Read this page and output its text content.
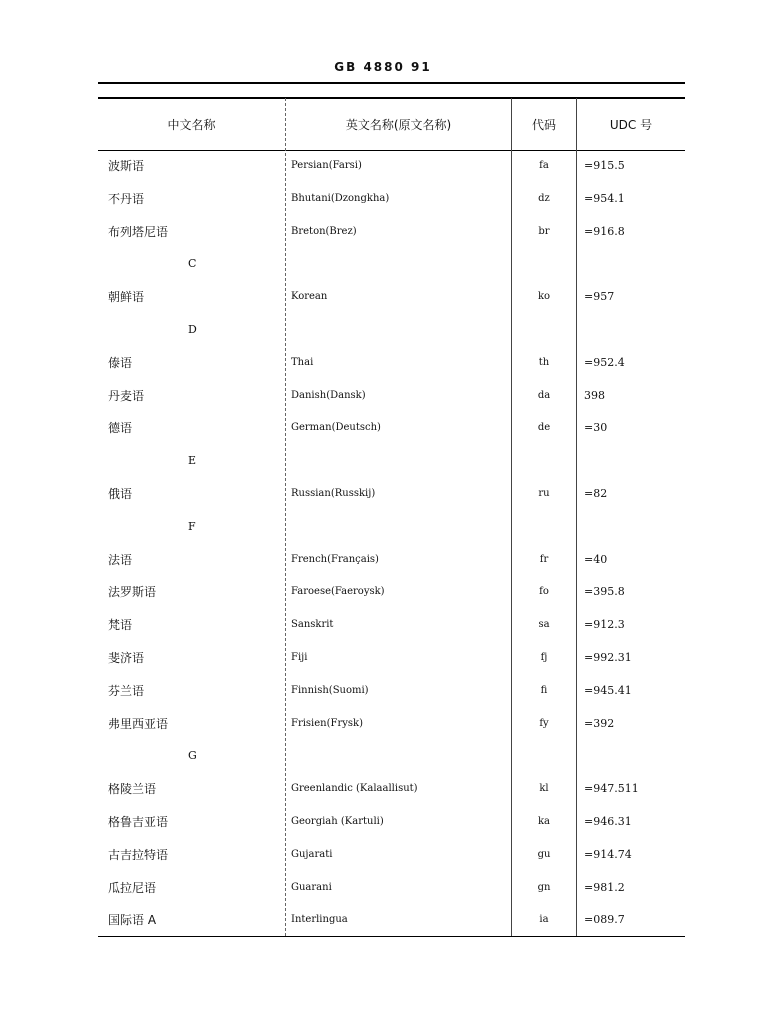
GB 4880 91
中文名称	英文名称(原文名称)	代码	UDC 号
波斯语	Persian(Farsi)	fa	=915.5
不丹语	Bhutani(Dzongkha)	dz	=954.1
布列塔尼语	Breton(Brez)	br	=916.8
C
朝鲜语	Korean	ko	=957
D
傣语	Thai	th	=952.4
丹麦语	Danish(Dansk)	da	398
德语	German(Deutsch)	de	=30
E
俄语	Russian(Russkij)	ru	=82
F
法语	French(Français)	fr	=40
法罗斯语	Faroese(Faeroysk)	fo	=395.8
梵语	Sanskrit	sa	=912.3
斐济语	Fiji	fj	=992.31
芬兰语	Finnish(Suomi)	fi	=945.41
弗里西亚语	Frisien(Frysk)	fy	=392
G
格陵兰语	Greenlandic (Kalaallisut)	kl	=947.511
格鲁吉亚语	Georgiah (Kartuli)	ka	=946.31
古吉拉特语	Gujarati	gu	=914.74
瓜拉尼语	Guarani	gn	=981.2
国际语 A	Interlingua	ia	=089.7
